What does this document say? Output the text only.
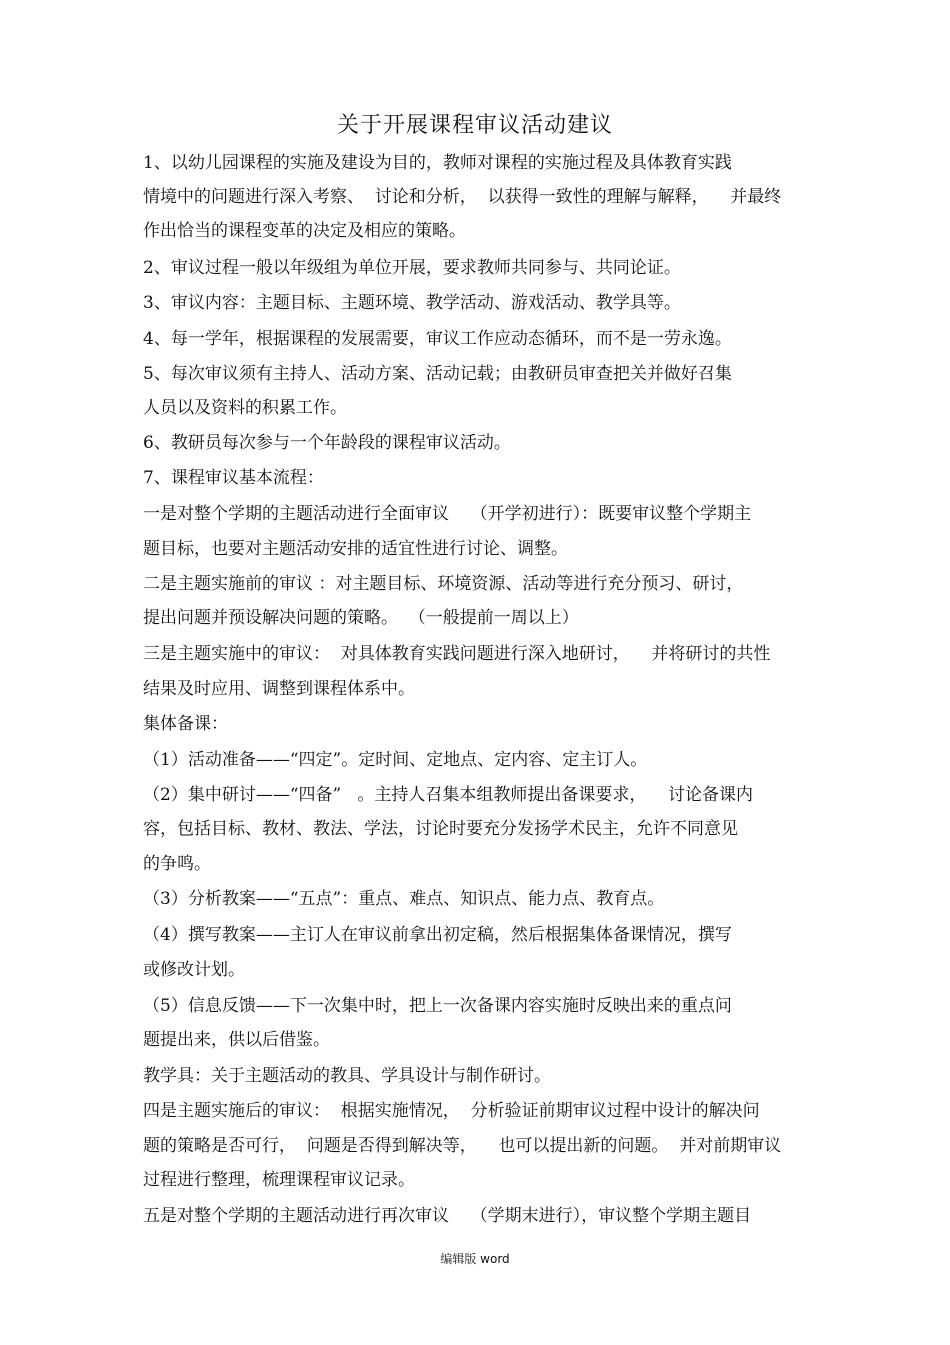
关于开展课程审议活动建议
1、以幼儿园课程的实施及建设为目的，教师对课程的实施过程及具体教育实践
情境中的问题进行深入考察、  讨论和分析，  以获得一致性的理解与解释，    并最终
作出恰当的课程变革的决定及相应的策略。
2、审议过程一般以年级组为单位开展，要求教师共同参与、共同论证。
3、审议内容：主题目标、主题环境、教学活动、游戏活动、教学具等。
4、每一学年，根据课程的发展需要，审议工作应动态循环，而不是一劳永逸。
5、每次审议须有主持人、活动方案、活动记载；由教研员审查把关并做好召集
人员以及资料的积累工作。
6、教研员每次参与一个年龄段的课程审议活动。
7、课程审议基本流程：
一是对整个学期的主题活动进行全面审议    （开学初进行）：既要审议整个学期主
题目标，也要对主题活动安排的适宜性进行讨论、调整。
二是主题实施前的审议 ：对主题目标、环境资源、活动等进行充分预习、研讨，
提出问题并预设解决问题的策略。  （一般提前一周以上）
三是主题实施中的审议：  对具体教育实践问题进行深入地研讨，    并将研讨的共性
结果及时应用、调整到课程体系中。
集体备课：
（1）活动准备——“四定”。定时间、定地点、定内容、定主订人。
（2）集中研讨——“四备”   。主持人召集本组教师提出备课要求，    讨论备课内
容，包括目标、教材、教法、学法，讨论时要充分发扬学术民主，允许不同意见
的争鸣。
（3）分析教案——“五点”：重点、难点、知识点、能力点、教育点。
（4）撰写教案——主订人在审议前拿出初定稿，然后根据集体备课情况，撰写
或修改计划。
（5）信息反馈——下一次集中时，把上一次备课内容实施时反映出来的重点问
题提出来，供以后借鉴。
教学具：关于主题活动的教具、学具设计与制作研讨。
四是主题实施后的审议：  根据实施情况，  分析验证前期审议过程中设计的解决问
题的策略是否可行，  问题是否得到解决等，    也可以提出新的问题。  并对前期审议
过程进行整理，梳理课程审议记录。
五是对整个学期的主题活动进行再次审议    （学期末进行），审议整个学期主题目
编辑版 word
